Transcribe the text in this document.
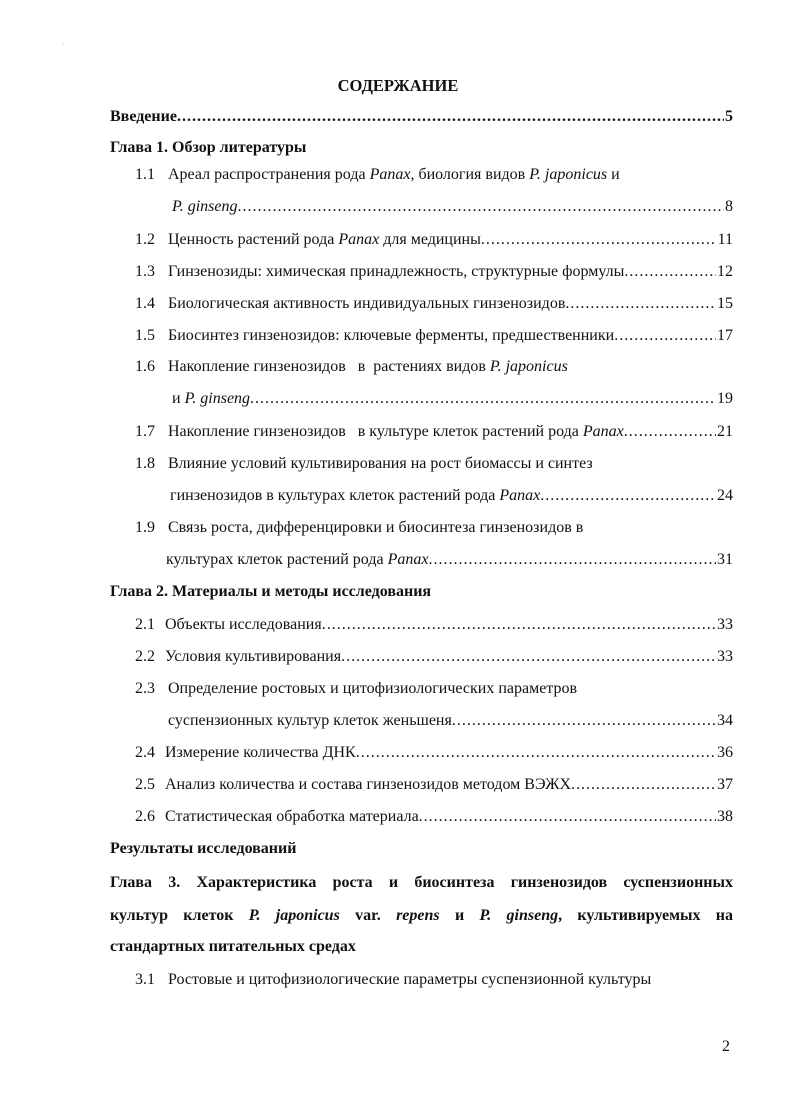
·
СОДЕРЖАНИЕ
Введение .....	5
Глава 1. Обзор литературы
1.1 Ареал распространения рода Panax , биология видов P. japonicus и
P. ginseng .....	8
1.2 Ценность растений рода Panax для медицины .....	11
1.3 Гинзенозиды: химическая принадлежность, структурные формулы .....	12
1.4 Биологическая активность индивидуальных гинзенозидов .....	15
1.5 Биосинтез гинзенозидов: ключевые ферменты, предшественники .....	17
1.6 Накопление гинзенозидов   в  растениях видов P. japonicus
и P. ginseng .....	19
1.7 Накопление гинзенозидов   в культуре клеток растений рода Panax .....	21
1.8 Влияние условий культивирования на рост биомассы и синтез
гинзенозидов в культурах клеток растений рода Panax .....	24
1.9 Связь роста, дифференцировки и биосинтеза гинзенозидов в
культурах клеток растений рода Panax .....	31
Глава 2. Материалы и методы исследования
2.1 Объекты исследования .....	33
2.2 Условия культивирования .....	33
2.3 Определение ростовых и цитофизиологических параметров
суспензионных культур клеток женьшеня .....	34
2.4 Измерение количества ДНК .....	36
2.5 Анализ количества и состава гинзенозидов методом ВЭЖХ .....	37
2.6 Статистическая обработка материала .....	38
Результаты исследований
Глава 3. Характеристика роста и биосинтеза гинзенозидов суспензионных
культур клеток P. japonicus var. repens и P. ginseng, культивируемых на
стандартных питательных средах
3.1 Ростовые и цитофизиологические параметры суспензионной культуры
2
